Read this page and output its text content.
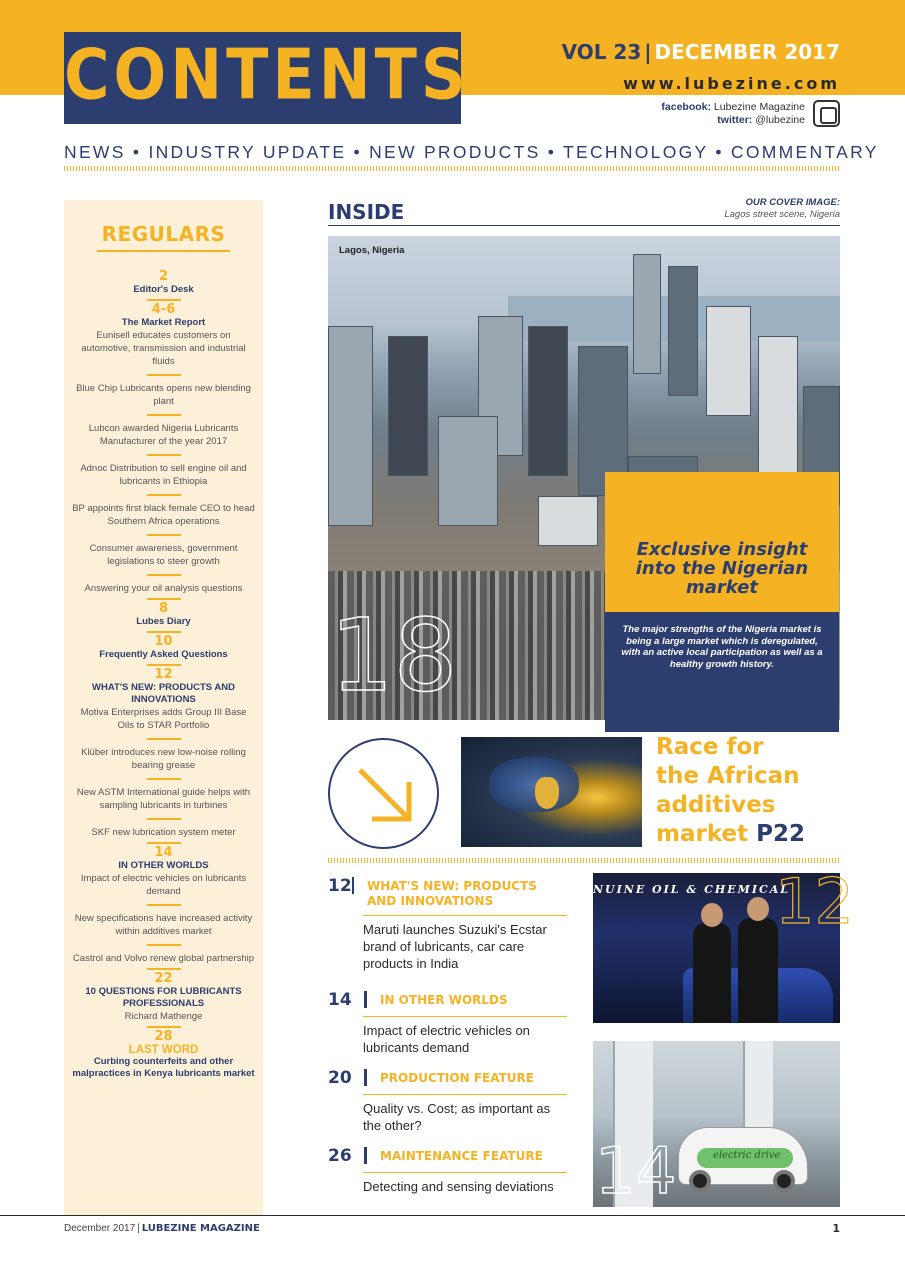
CONTENTS	VOL 23 | DECEMBER 2017
www.lubezine.com
facebook: Lubezine Magazine
twitter: @lubezine
NEWS • INDUSTRY UPDATE • NEW PRODUCTS • TECHNOLOGY • COMMENTARY
REGULARS
2
Editor's Desk
4-6
The Market Report
Eunisell educates customers on automotive, transmission and industrial fluids
Blue Chip Lubricants opens new blending plant
Lubcon awarded Nigeria Lubricants Manufacturer of the year 2017
Adnoc Distribution to sell engine oil and lubricants in Ethiopia
BP appoints first black female CEO to head Southern Africa operations
Consumer awareness, government legislations to steer growth
Answering your oil analysis questions
8
Lubes Diary
10
Frequently Asked Questions
12
WHAT'S NEW: PRODUCTS AND INNOVATIONS
Motiva Enterprises adds Group III Base Oils to STAR Portfolio
Klüber introduces new low-noise rolling bearing grease
New ASTM International guide helps with sampling lubricants in turbines
SKF new lubrication system meter
14
IN OTHER WORLDS
Impact of electric vehicles on lubricants demand
New specifications have increased activity within additives market
Castrol and Volvo renew global partnership
22
10 QUESTIONS FOR LUBRICANTS PROFESSIONALS
Richard Mathenge
28
LAST WORD
Curbing counterfeits and other malpractices in Kenya lubricants market
INSIDE	OUR COVER IMAGE:
Lagos street scene, Nigeria
Lagos, Nigeria
18
Exclusive insight into the Nigerian market
The major strengths of the Nigeria market is being a large market which is deregulated, with an active local participation as well as a healthy growth history.
Race for
the African
additives
market P22
12 WHAT'S NEW: PRODUCTS AND INNOVATIONS
Maruti launches Suzuki's Ecstar brand of lubricants, car care products in India
14	IN OTHER WORLDS
Impact of electric vehicles on lubricants demand
20	PRODUCTION FEATURE
Quality vs. Cost; as important as the other?
26	MAINTENANCE FEATURE
Detecting and sensing deviations
NUINE OIL & CHEMICAL
12
electric drive
14
December 2017 | LUBEZINE MAGAZINE	1
